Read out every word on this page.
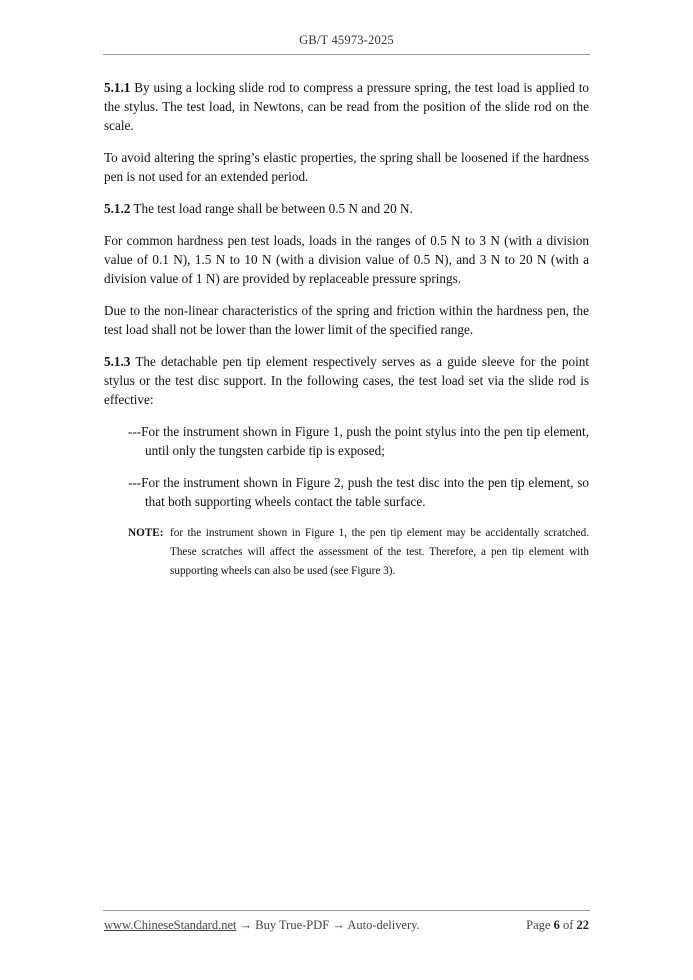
GB/T 45973-2025

5.1.1 By using a locking slide rod to compress a pressure spring, the test load is applied to the stylus. The test load, in Newtons, can be read from the position of the slide rod on the scale.

To avoid altering the spring’s elastic properties, the spring shall be loosened if the hardness pen is not used for an extended period.

5.1.2 The test load range shall be between 0.5 N and 20 N.

For common hardness pen test loads, loads in the ranges of 0.5 N to 3 N (with a division value of 0.1 N), 1.5 N to 10 N (with a division value of 0.5 N), and 3 N to 20 N (with a division value of 1 N) are provided by replaceable pressure springs.

Due to the non-linear characteristics of the spring and friction within the hardness pen, the test load shall not be lower than the lower limit of the specified range.

5.1.3 The detachable pen tip element respectively serves as a guide sleeve for the point stylus or the test disc support. In the following cases, the test load set via the slide rod is effective:

---For the instrument shown in Figure 1, push the point stylus into the pen tip element, until only the tungsten carbide tip is exposed;

---For the instrument shown in Figure 2, push the test disc into the pen tip element, so that both supporting wheels contact the table surface.

NOTE: for the instrument shown in Figure 1, the pen tip element may be accidentally scratched. These scratches will affect the assessment of the test. Therefore, a pen tip element with supporting wheels can also be used (see Figure 3).
www.ChineseStandard.net → Buy True-PDF → Auto-delivery.	Page 6 of 22
